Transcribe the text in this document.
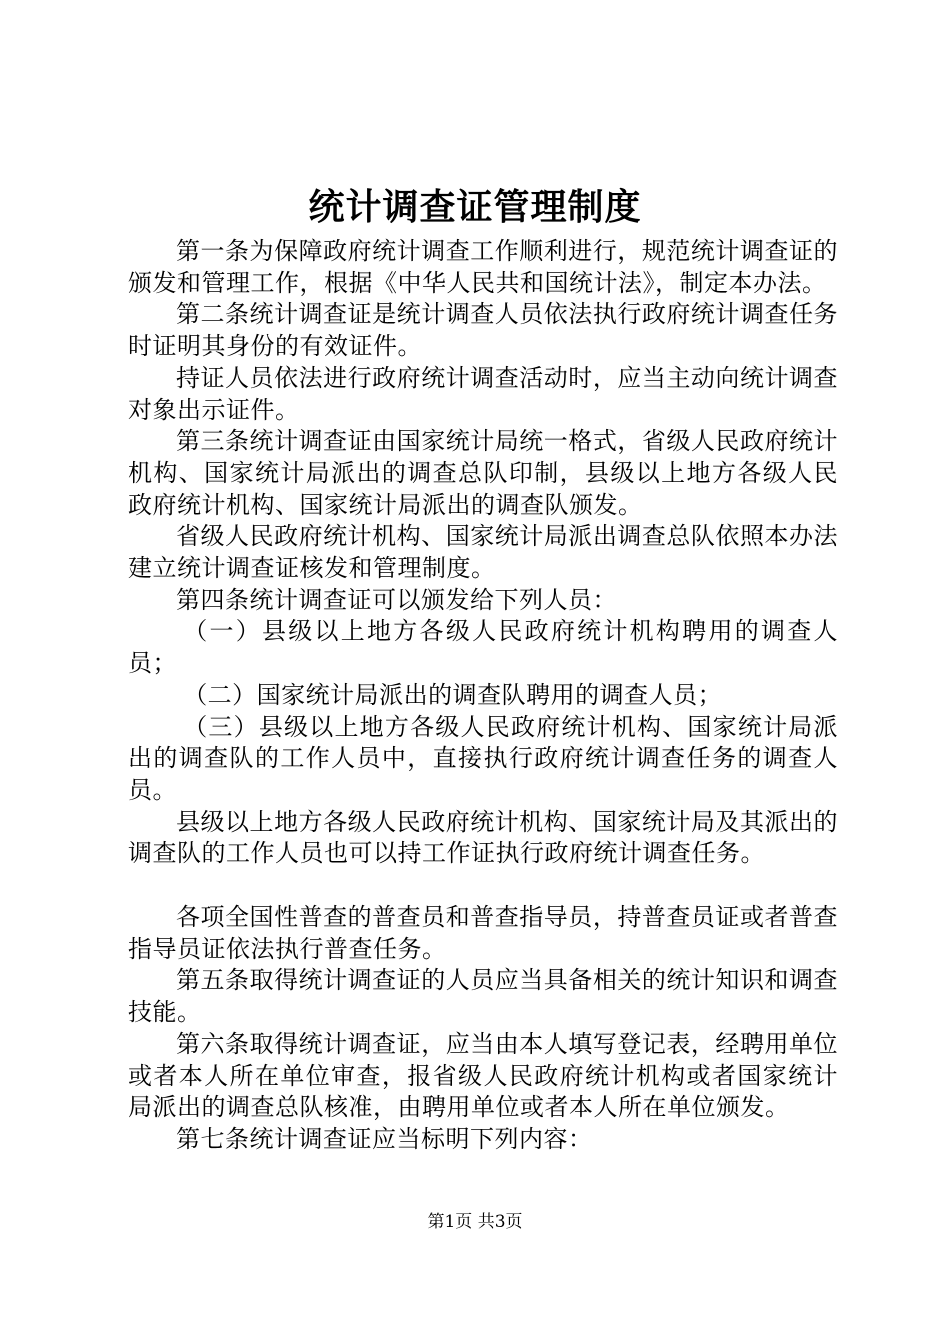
统计调查证管理制度

第一条为保障政府统计调查工作顺利进行，规范统计调查证的颁发和管理工作，根据《中华人民共和国统计法》，制定本办法。

第二条统计调查证是统计调查人员依法执行政府统计调查任务时证明其身份的有效证件。

持证人员依法进行政府统计调查活动时，应当主动向统计调查对象出示证件。

第三条统计调查证由国家统计局统一格式，省级人民政府统计机构、国家统计局派出的调查总队印制，县级以上地方各级人民政府统计机构、国家统计局派出的调查队颁发。

省级人民政府统计机构、国家统计局派出调查总队依照本办法建立统计调查证核发和管理制度。

第四条统计调查证可以颁发给下列人员：

（一）县级以上地方各级人民政府统计机构聘用的调查人员；

（二）国家统计局派出的调查队聘用的调查人员；

（三）县级以上地方各级人民政府统计机构、国家统计局派出的调查队的工作人员中，直接执行政府统计调查任务的调查人员。

县级以上地方各级人民政府统计机构、国家统计局及其派出的调查队的工作人员也可以持工作证执行政府统计调查任务。

各项全国性普查的普查员和普查指导员，持普查员证或者普查指导员证依法执行普查任务。

第五条取得统计调查证的人员应当具备相关的统计知识和调查技能。

第六条取得统计调查证，应当由本人填写登记表，经聘用单位或者本人所在单位审查，报省级人民政府统计机构或者国家统计局派出的调查总队核准，由聘用单位或者本人所在单位颁发。

第七条统计调查证应当标明下列内容：

第1页 共3页
